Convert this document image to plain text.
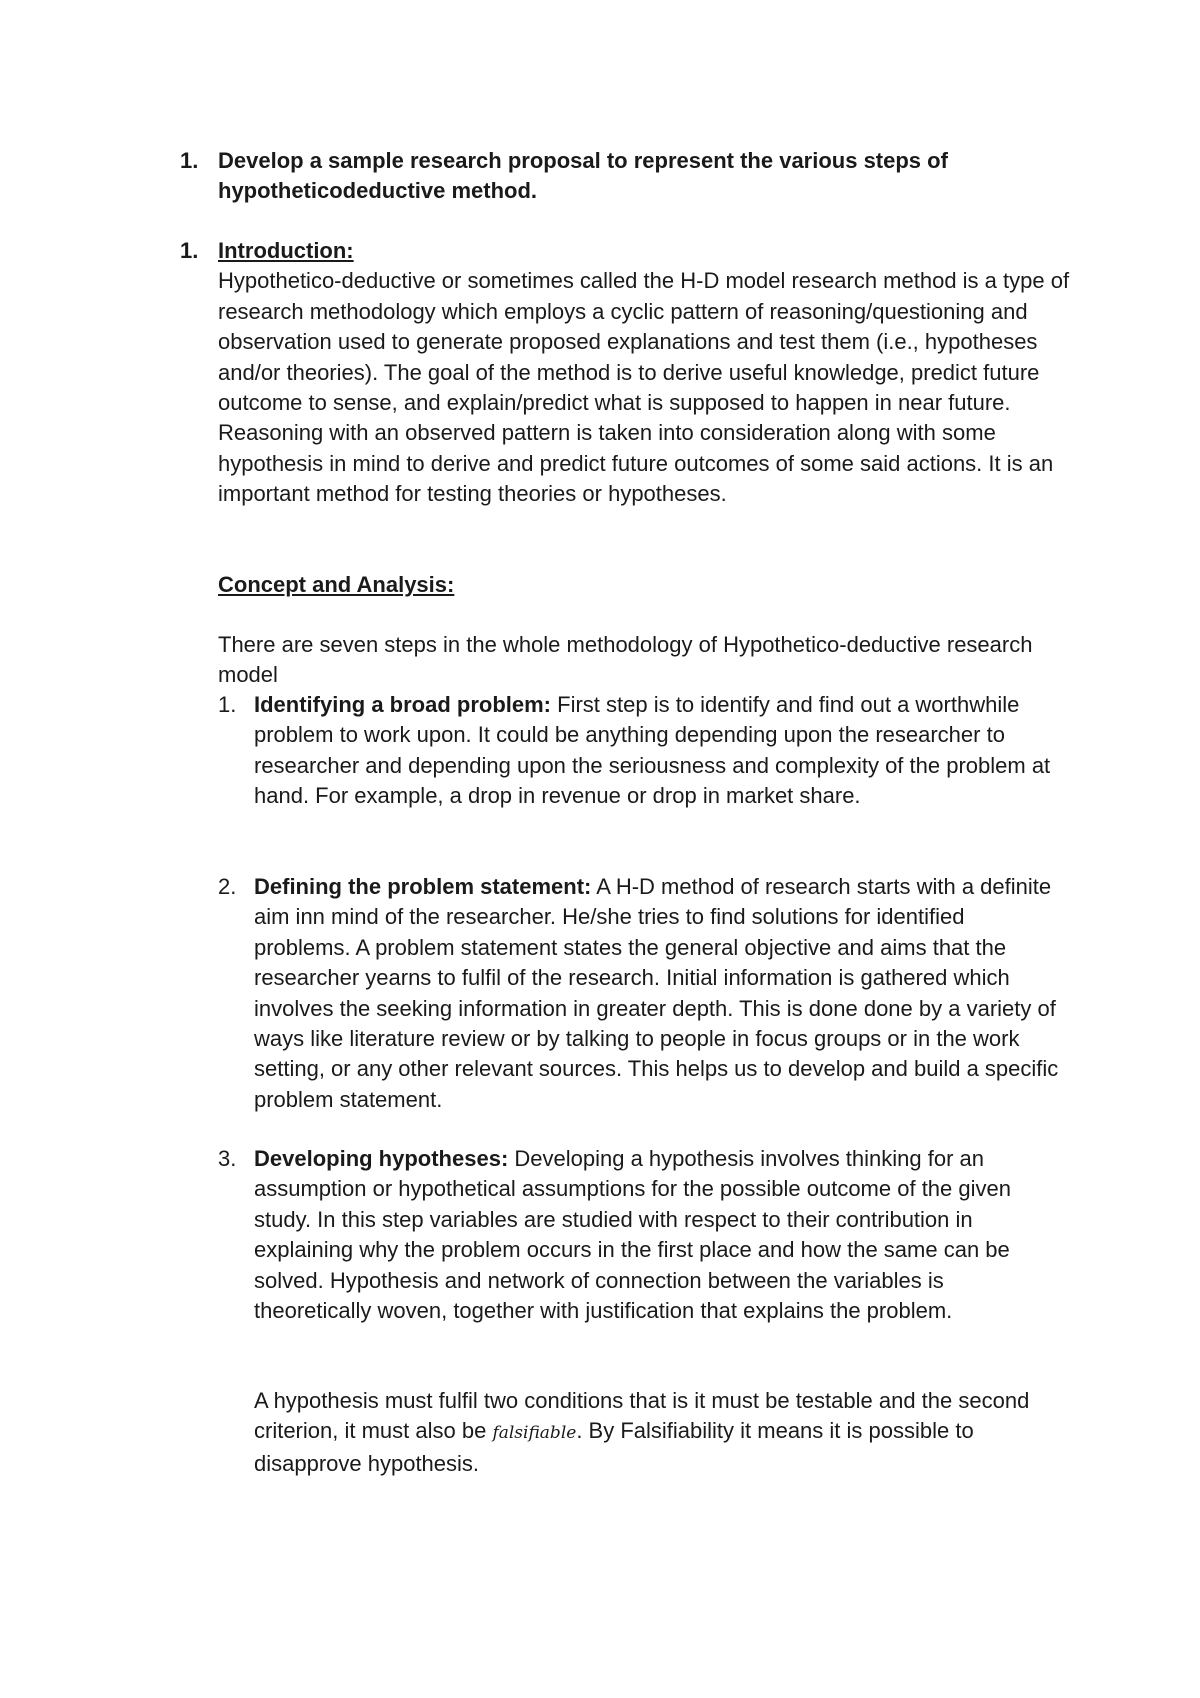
1. Develop a sample research proposal to represent the various steps of hypotheticodeductive method.
1. Introduction:
Hypothetico-deductive or sometimes called the H-D model research method is a type of research methodology which employs a cyclic pattern of reasoning/questioning and observation used to generate proposed explanations and test them (i.e., hypotheses and/or theories). The goal of the method is to derive useful knowledge, predict future outcome to sense, and explain/predict what is supposed to happen in near future. Reasoning with an observed pattern is taken into consideration along with some hypothesis in mind to derive and predict future outcomes of some said actions. It is an important method for testing theories or hypotheses.
Concept and Analysis:
There are seven steps in the whole methodology of Hypothetico-deductive research model
1. Identifying a broad problem: First step is to identify and find out a worthwhile problem to work upon. It could be anything depending upon the researcher to researcher and depending upon the seriousness and complexity of the problem at hand. For example, a drop in revenue or drop in market share.
2. Defining the problem statement: A H-D method of research starts with a definite aim inn mind of the researcher. He/she tries to find solutions for identified problems. A problem statement states the general objective and aims that the researcher yearns to fulfil of the research. Initial information is gathered which involves the seeking information in greater depth. This is done done by a variety of ways like literature review or by talking to people in focus groups or in the work setting, or any other relevant sources. This helps us to develop and build a specific problem statement.
3. Developing hypotheses: Developing a hypothesis involves thinking for an assumption or hypothetical assumptions for the possible outcome of the given study. In this step variables are studied with respect to their contribution in explaining why the problem occurs in the first place and how the same can be solved. Hypothesis and network of connection between the variables is theoretically woven, together with justification that explains the problem.
A hypothesis must fulfil two conditions that is it must be testable and the second criterion, it must also be falsifiable. By Falsifiability it means it is possible to disapprove hypothesis.
